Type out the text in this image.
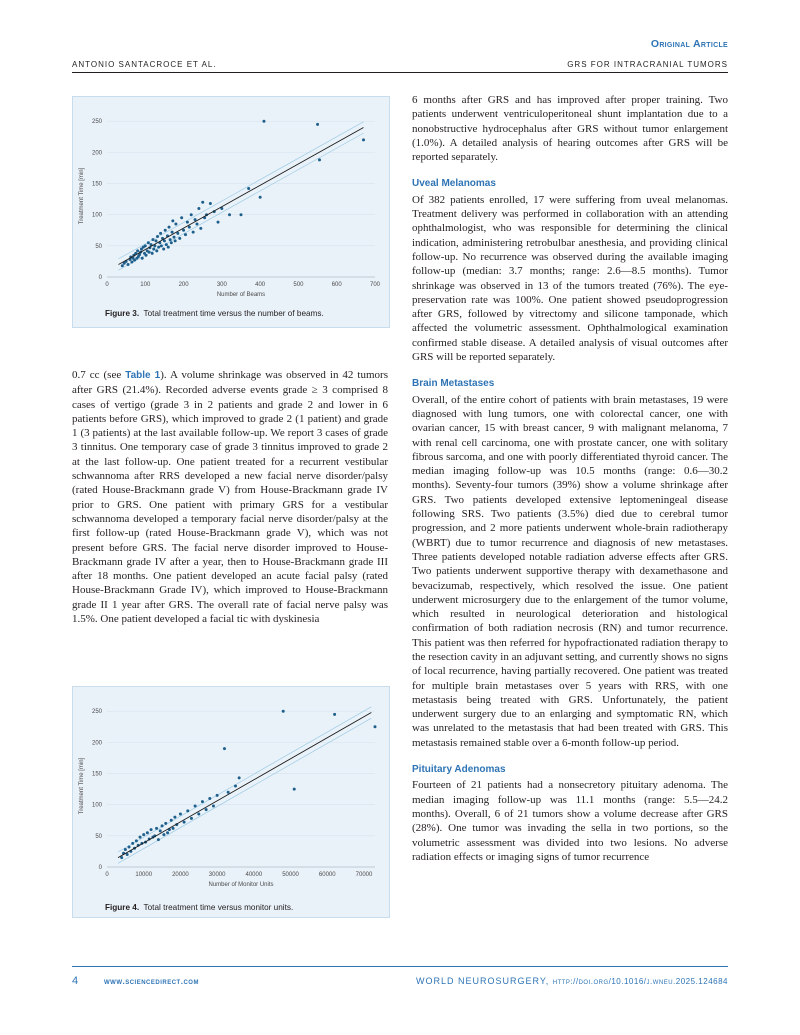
Original Article
ANTONIO SANTACROCE ET AL.	GRS FOR INTRACRANIAL TUMORS
0
50
100
150
200
250
0	100	200	300	400	500	600	700
Number of Beams
Treatment Time [min]
Figure 3. Total treatment time versus the number of beams.
0
50
100
150
200
250
0	10000	20000	30000	40000	50000	60000	70000
Number of Monitor Units
Treatment Time [min]
Figure 4. Total treatment time versus monitor units.

0.7 cc (see Table 1). A volume shrinkage was observed in 42 tumors after GRS (21.4%). Recorded adverse events grade ≥ 3 comprised 8 cases of vertigo (grade 3 in 2 patients and grade 2 and lower in 6 patients before GRS), which improved to grade 2 (1 patient) and grade 1 (3 patients) at the last available follow-up. We report 3 cases of grade 3 tinnitus. One temporary case of grade 3 tinnitus improved to grade 2 at the last follow-up. One patient treated for a recurrent vestibular schwannoma after RRS developed a new facial nerve disorder/palsy (rated House-Brackmann grade V) from House-Brackmann grade IV prior to GRS. One patient with primary GRS for a vestibular schwannoma developed a temporary facial nerve disorder/palsy at the first follow-up (rated House-Brackmann grade V), which was not present before GRS. The facial nerve disorder improved to House-Brackmann grade IV after a year, then to House-Brackmann grade III after 18 months. One patient developed an acute facial palsy (rated House-Brackmann Grade IV), which improved to House-Brackmann grade II 1 year after GRS. The overall rate of facial nerve palsy was 1.5%. One patient developed a facial tic with dyskinesia

6 months after GRS and has improved after proper training. Two patients underwent ventriculoperitoneal shunt implantation due to a nonobstructive hydrocephalus after GRS without tumor enlargement (1.0%). A detailed analysis of hearing outcomes after GRS will be reported separately.

Uveal Melanomas

Of 382 patients enrolled, 17 were suffering from uveal melanomas. Treatment delivery was performed in collaboration with an attending ophthalmologist, who was responsible for determining the clinical indication, administering retrobulbar anesthesia, and providing clinical follow-up. No recurrence was observed during the available imaging follow-up (median: 3.7 months; range: 2.6—8.5 months). Tumor shrinkage was observed in 13 of the tumors treated (76%). The eye-preservation rate was 100%. One patient showed pseudoprogression after GRS, followed by vitrectomy and silicone tamponade, which affected the volumetric assessment. Ophthalmological examination confirmed stable disease. A detailed analysis of visual outcomes after GRS will be reported separately.

Brain Metastases

Overall, of the entire cohort of patients with brain metastases, 19 were diagnosed with lung tumors, one with colorectal cancer, one with ovarian cancer, 15 with breast cancer, 9 with malignant melanoma, 7 with renal cell carcinoma, one with prostate cancer, one with solitary fibrous sarcoma, and one with poorly differentiated thyroid cancer. The median imaging follow-up was 10.5 months (range: 0.6—30.2 months). Seventy-four tumors (39%) show a volume shrinkage after GRS. Two patients developed extensive leptomeningeal disease following SRS. Two patients (3.5%) died due to cerebral tumor progression, and 2 more patients underwent whole-brain radiotherapy (WBRT) due to tumor recurrence and diagnosis of new metastases. Three patients developed notable radiation adverse effects after GRS. Two patients underwent supportive therapy with dexamethasone and bevacizumab, respectively, which resolved the issue. One patient underwent microsurgery due to the enlargement of the tumor volume, which resulted in neurological deterioration and histological confirmation of both radiation necrosis (RN) and tumor recurrence. This patient was then referred for hypofractionated radiation therapy to the resection cavity in an adjuvant setting, and currently shows no signs of local recurrence, having partially recovered. One patient was treated for multiple brain metastases over 5 years with RRS, with one metastasis being treated with GRS. Unfortunately, the patient underwent surgery due to an enlarging and symptomatic RN, which was unrelated to the metastasis that had been treated with GRS. This metastasis remained stable over a 6-month follow-up period.

Pituitary Adenomas

Fourteen of 21 patients had a nonsecretory pituitary adenoma. The median imaging follow-up was 11.1 months (range: 5.5—24.2 months). Overall, 6 of 21 tumors show a volume decrease after GRS (28%). One tumor was invading the sella in two portions, so the volumetric assessment was divided into two lesions. No adverse radiation effects or imaging signs of tumor recurrence

4	www.sciencedirect.com	WORLD NEUROSURGERY, http://doi.org/10.1016/j.wneu.2025.124684
